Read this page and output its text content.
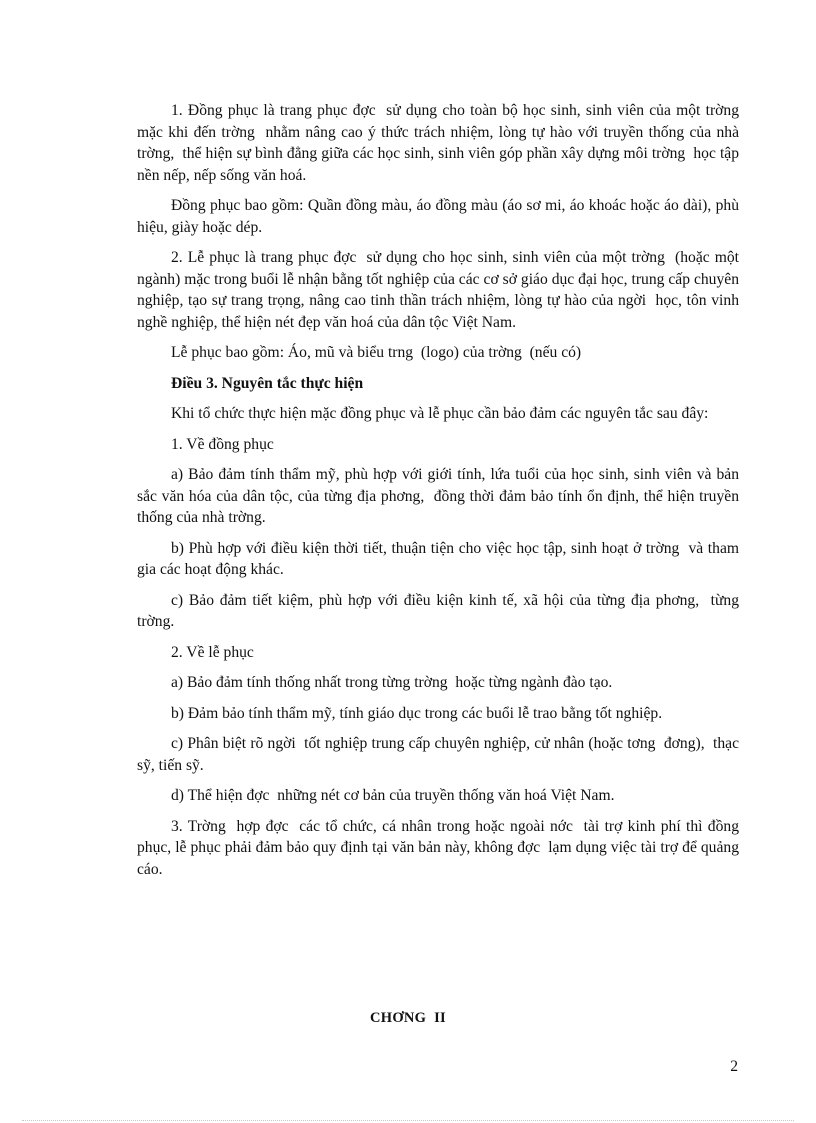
1. Đồng phục là trang phục đợc  sử dụng cho toàn bộ học sinh, sinh viên của một trờng  mặc khi đến trờng  nhằm nâng cao ý thức trách nhiệm, lòng tự hào với truyền thống của nhà trờng,  thể hiện sự bình đẳng giữa các học sinh, sinh viên góp phần xây dựng môi trờng  học tập nền nếp, nếp sống văn hoá.

Đồng phục bao gồm: Quần đồng màu, áo đồng màu (áo sơ mi, áo khoác hoặc áo dài), phù hiệu, giày hoặc dép.

2. Lễ phục là trang phục đợc  sử dụng cho học sinh, sinh viên của một trờng  (hoặc một ngành) mặc trong buổi lễ nhận bằng tốt nghiệp của các cơ sở giáo dục đại học, trung cấp chuyên nghiệp, tạo sự trang trọng, nâng cao tinh thần trách nhiệm, lòng tự hào của ngời  học, tôn vinh nghề nghiệp, thể hiện nét đẹp văn hoá của dân tộc Việt Nam.

Lễ phục bao gồm: Áo, mũ và biểu trng  (logo) của trờng  (nếu có)

Điều 3. Nguyên tắc thực hiện

Khi tổ chức thực hiện mặc đồng phục và lễ phục cần bảo đảm các nguyên tắc sau đây:

1. Về đồng phục

a) Bảo đảm tính thẩm mỹ, phù hợp với giới tính, lứa tuổi của học sinh, sinh viên và bản sắc văn hóa của dân tộc, của từng địa phơng,  đồng thời đảm bảo tính ổn định, thể hiện truyền thống của nhà trờng.

b) Phù hợp với điều kiện thời tiết, thuận tiện cho việc học tập, sinh hoạt ở trờng  và tham gia các hoạt động khác.

c) Bảo đảm tiết kiệm, phù hợp với điều kiện kinh tế, xã hội của từng địa phơng,  từng trờng.

2. Về lễ phục

a) Bảo đảm tính thống nhất trong từng trờng  hoặc từng ngành đào tạo.

b) Đảm bảo tính thẩm mỹ, tính giáo dục trong các buổi lễ trao bằng tốt nghiệp.

c) Phân biệt rõ ngời  tốt nghiệp trung cấp chuyên nghiệp, cử nhân (hoặc tơng  đơng),  thạc sỹ, tiến sỹ.

d) Thể hiện đợc  những nét cơ bản của truyền thống văn hoá Việt Nam.

3. Trờng  hợp đợc  các tổ chức, cá nhân trong hoặc ngoài nớc  tài trợ kinh phí thì đồng phục, lễ phục phải đảm bảo quy định tại văn bản này, không đợc  lạm dụng việc tài trợ để quảng cáo.

CHƠNG  II
2
